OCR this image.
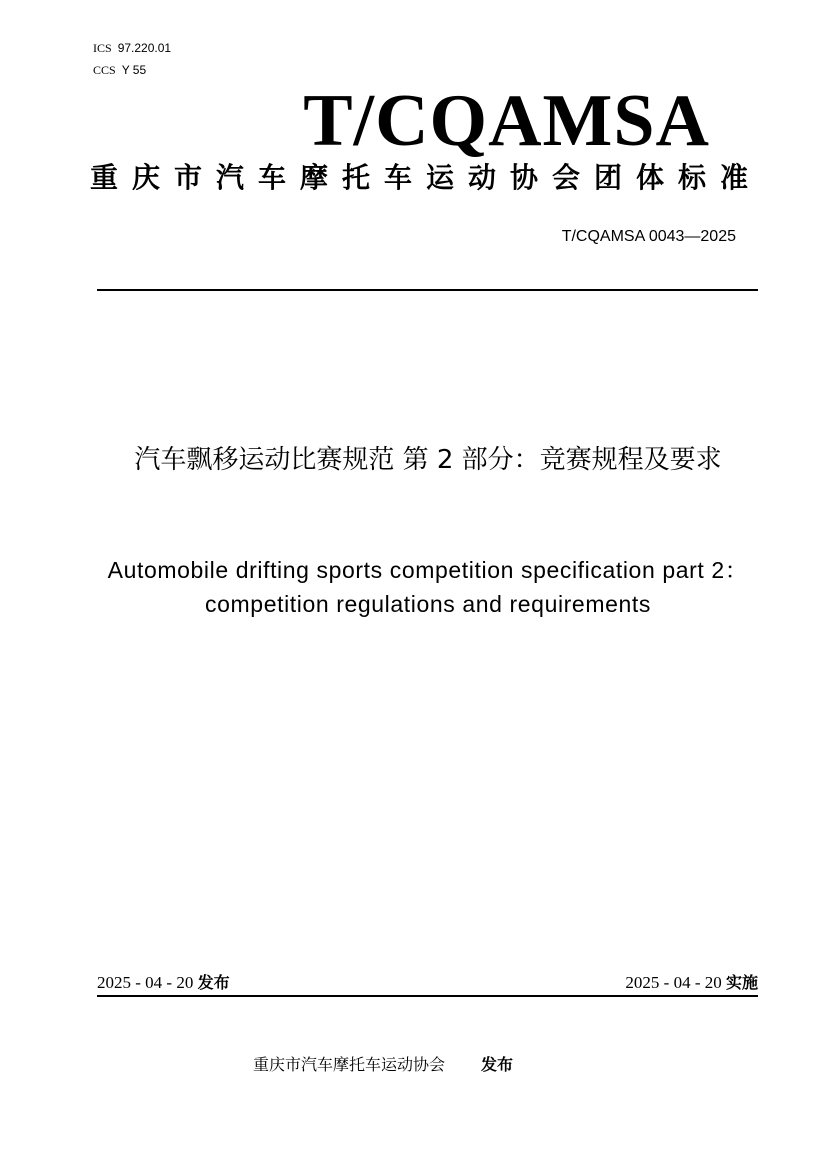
ICS 97.220.01
CCS Y 55
T/CQAMSA
重庆市汽车摩托车运动协会团体标准
T/CQAMSA 0043—2025
汽车飘移运动比赛规范 第 2 部分：竞赛规程及要求
Automobile drifting sports competition specification part 2：competition regulations and requirements
2025 - 04 - 20 发布	2025 - 04 - 20 实施
重庆市汽车摩托车运动协会 发布
